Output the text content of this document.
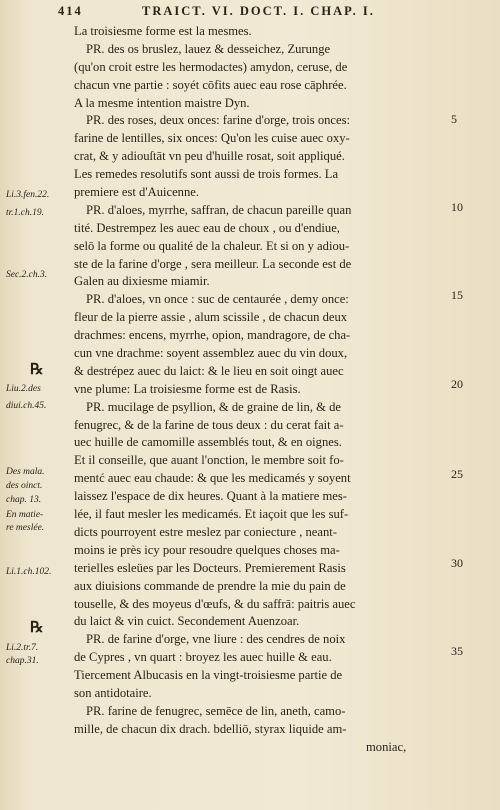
414	TRAICT. VI. DOCT. I. CHAP. I.
La troisiesme forme est la mesmes.
PR. des os bruslez, lauez & desseichez, Zurunge
(qu'on croit estre les hermodactes) amydon, ceruse, de
chacun vne partie : soyét cōfits auec eau rose cāphrée.
A la mesme intention maistre Dyn.
PR. des roses, deux onces: farine d'orge, trois onces:
farine de lentilles, six onces: Qu'on les cuise auec oxy-
crat, & y adiouſtāt vn peu d'huille rosat, soit appliqué.
Les remedes resolutifs sont aussi de trois formes. La
premiere est d'Auicenne.
PR. d'aloes, myrrhe, saffran, de chacun pareille quan
tité. Destrempez les auec eau de choux , ou d'endiue,
selō la forme ou qualité de la chaleur. Et si on y adiou-
ste de la farine d'orge , sera meilleur. La seconde est de
Galen au dixiesme miamir.
PR. d'aloes, vn once : suc de centaurée , demy once:
fleur de la pierre assie , alum scissile , de chacun deux
drachmes: encens, myrrhe, opion, mandragore, de cha-
cun vne drachme: soyent assemblez auec du vin doux,
& destrépez auec du laict: & le lieu en soit oingt auec
vne plume: La troisiesme forme est de Rasis.
PR. mucilage de psyllion, & de graine de lin, & de
fenugrec, & de la farine de tous deux : du cerat fait a-
uec huille de camomille assemblés tout, & en oignes.
Et il conseille, que auant l'onction, le membre soit fo-
mentć auec eau chaude: & que les medicamés y soyent
laissez l'espace de dix heures. Quant à la matiere mes-
lée, il faut mesler les medicamés. Et iaçoit que les suf-
dicts pourroyent estre meslez par coniecture , neant-
moins ie près icy pour resoudre quelques choses ma-
terielles esleües par les Docteurs. Premierement Rasis
aux diuisions commande de prendre la mie du pain de
touselle, & des moyeus d'œufs, & du saffrā: paitris auec
du laict & vin cuict. Secondement Auenzoar.
PR. de farine d'orge, vne liure : des cendres de noix
de Cypres , vn quart : broyez les auec huille & eau.
Tiercement Albucasis en la vingt-troisiesme partie de
son antidotaire.
PR. farine de fenugrec, semēce de lin, aneth, camo-
mille, de chacun dix drach. bdelliō, styrax liquide am-
moniac,
Li.3.fen.22.
tr.1.ch.19.
Sec.2.ch.3.
Liu.2.des
diui.ch.45.
Des mala.
des oinct.
chap. 13.
En matie-
re meslée.
Li.1.ch.102.
Li.2.tr.7.
chap.31.
℞
℞
5
10
15
20
25
30
35
